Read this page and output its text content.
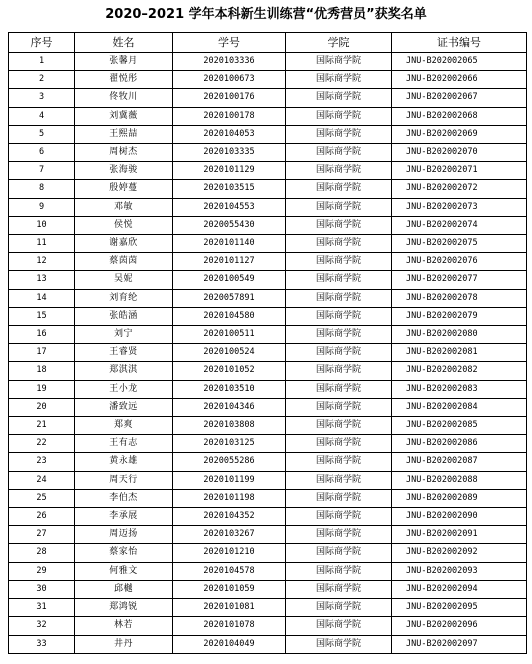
2020–2021 学年本科新生训练营“优秀营员”获奖名单
序号	姓名	学号	学院	证书编号
1	张馨月	2020103336	国际商学院	JNU-B202002065
2	翟悦彤	2020100673	国际商学院	JNU-B202002066
3	佟牧川	2020100176	国际商学院	JNU-B202002067
4	刘冀薇	2020100178	国际商学院	JNU-B202002068
5	王熙喆	2020104053	国际商学院	JNU-B202002069
6	周树杰	2020103335	国际商学院	JNU-B202002070
7	张海骏	2020101129	国际商学院	JNU-B202002071
8	殷婷蔓	2020103515	国际商学院	JNU-B202002072
9	邓敏	2020104553	国际商学院	JNU-B202002073
10	侯悦	2020055430	国际商学院	JNU-B202002074
11	谢嘉欣	2020101140	国际商学院	JNU-B202002075
12	蔡茵茵	2020101127	国际商学院	JNU-B202002076
13	吴妮	2020100549	国际商学院	JNU-B202002077
14	刘育纶	2020057891	国际商学院	JNU-B202002078
15	张皓涵	2020104580	国际商学院	JNU-B202002079
16	刘宁	2020100511	国际商学院	JNU-B202002080
17	王睿贤	2020100524	国际商学院	JNU-B202002081
18	郑淇淇	2020101052	国际商学院	JNU-B202002082
19	王小龙	2020103510	国际商学院	JNU-B202002083
20	潘致远	2020104346	国际商学院	JNU-B202002084
21	郑爽	2020103808	国际商学院	JNU-B202002085
22	王有志	2020103125	国际商学院	JNU-B202002086
23	黄永雄	2020055286	国际商学院	JNU-B202002087
24	周天行	2020101199	国际商学院	JNU-B202002088
25	李伯杰	2020101198	国际商学院	JNU-B202002089
26	李承展	2020104352	国际商学院	JNU-B202002090
27	周迈扬	2020103267	国际商学院	JNU-B202002091
28	蔡家怡	2020101210	国际商学院	JNU-B202002092
29	何雅文	2020104578	国际商学院	JNU-B202002093
30	邱樾	2020101059	国际商学院	JNU-B202002094
31	郑鸿锐	2020101081	国际商学院	JNU-B202002095
32	林若	2020101078	国际商学院	JNU-B202002096
33	井丹	2020104049	国际商学院	JNU-B202002097
